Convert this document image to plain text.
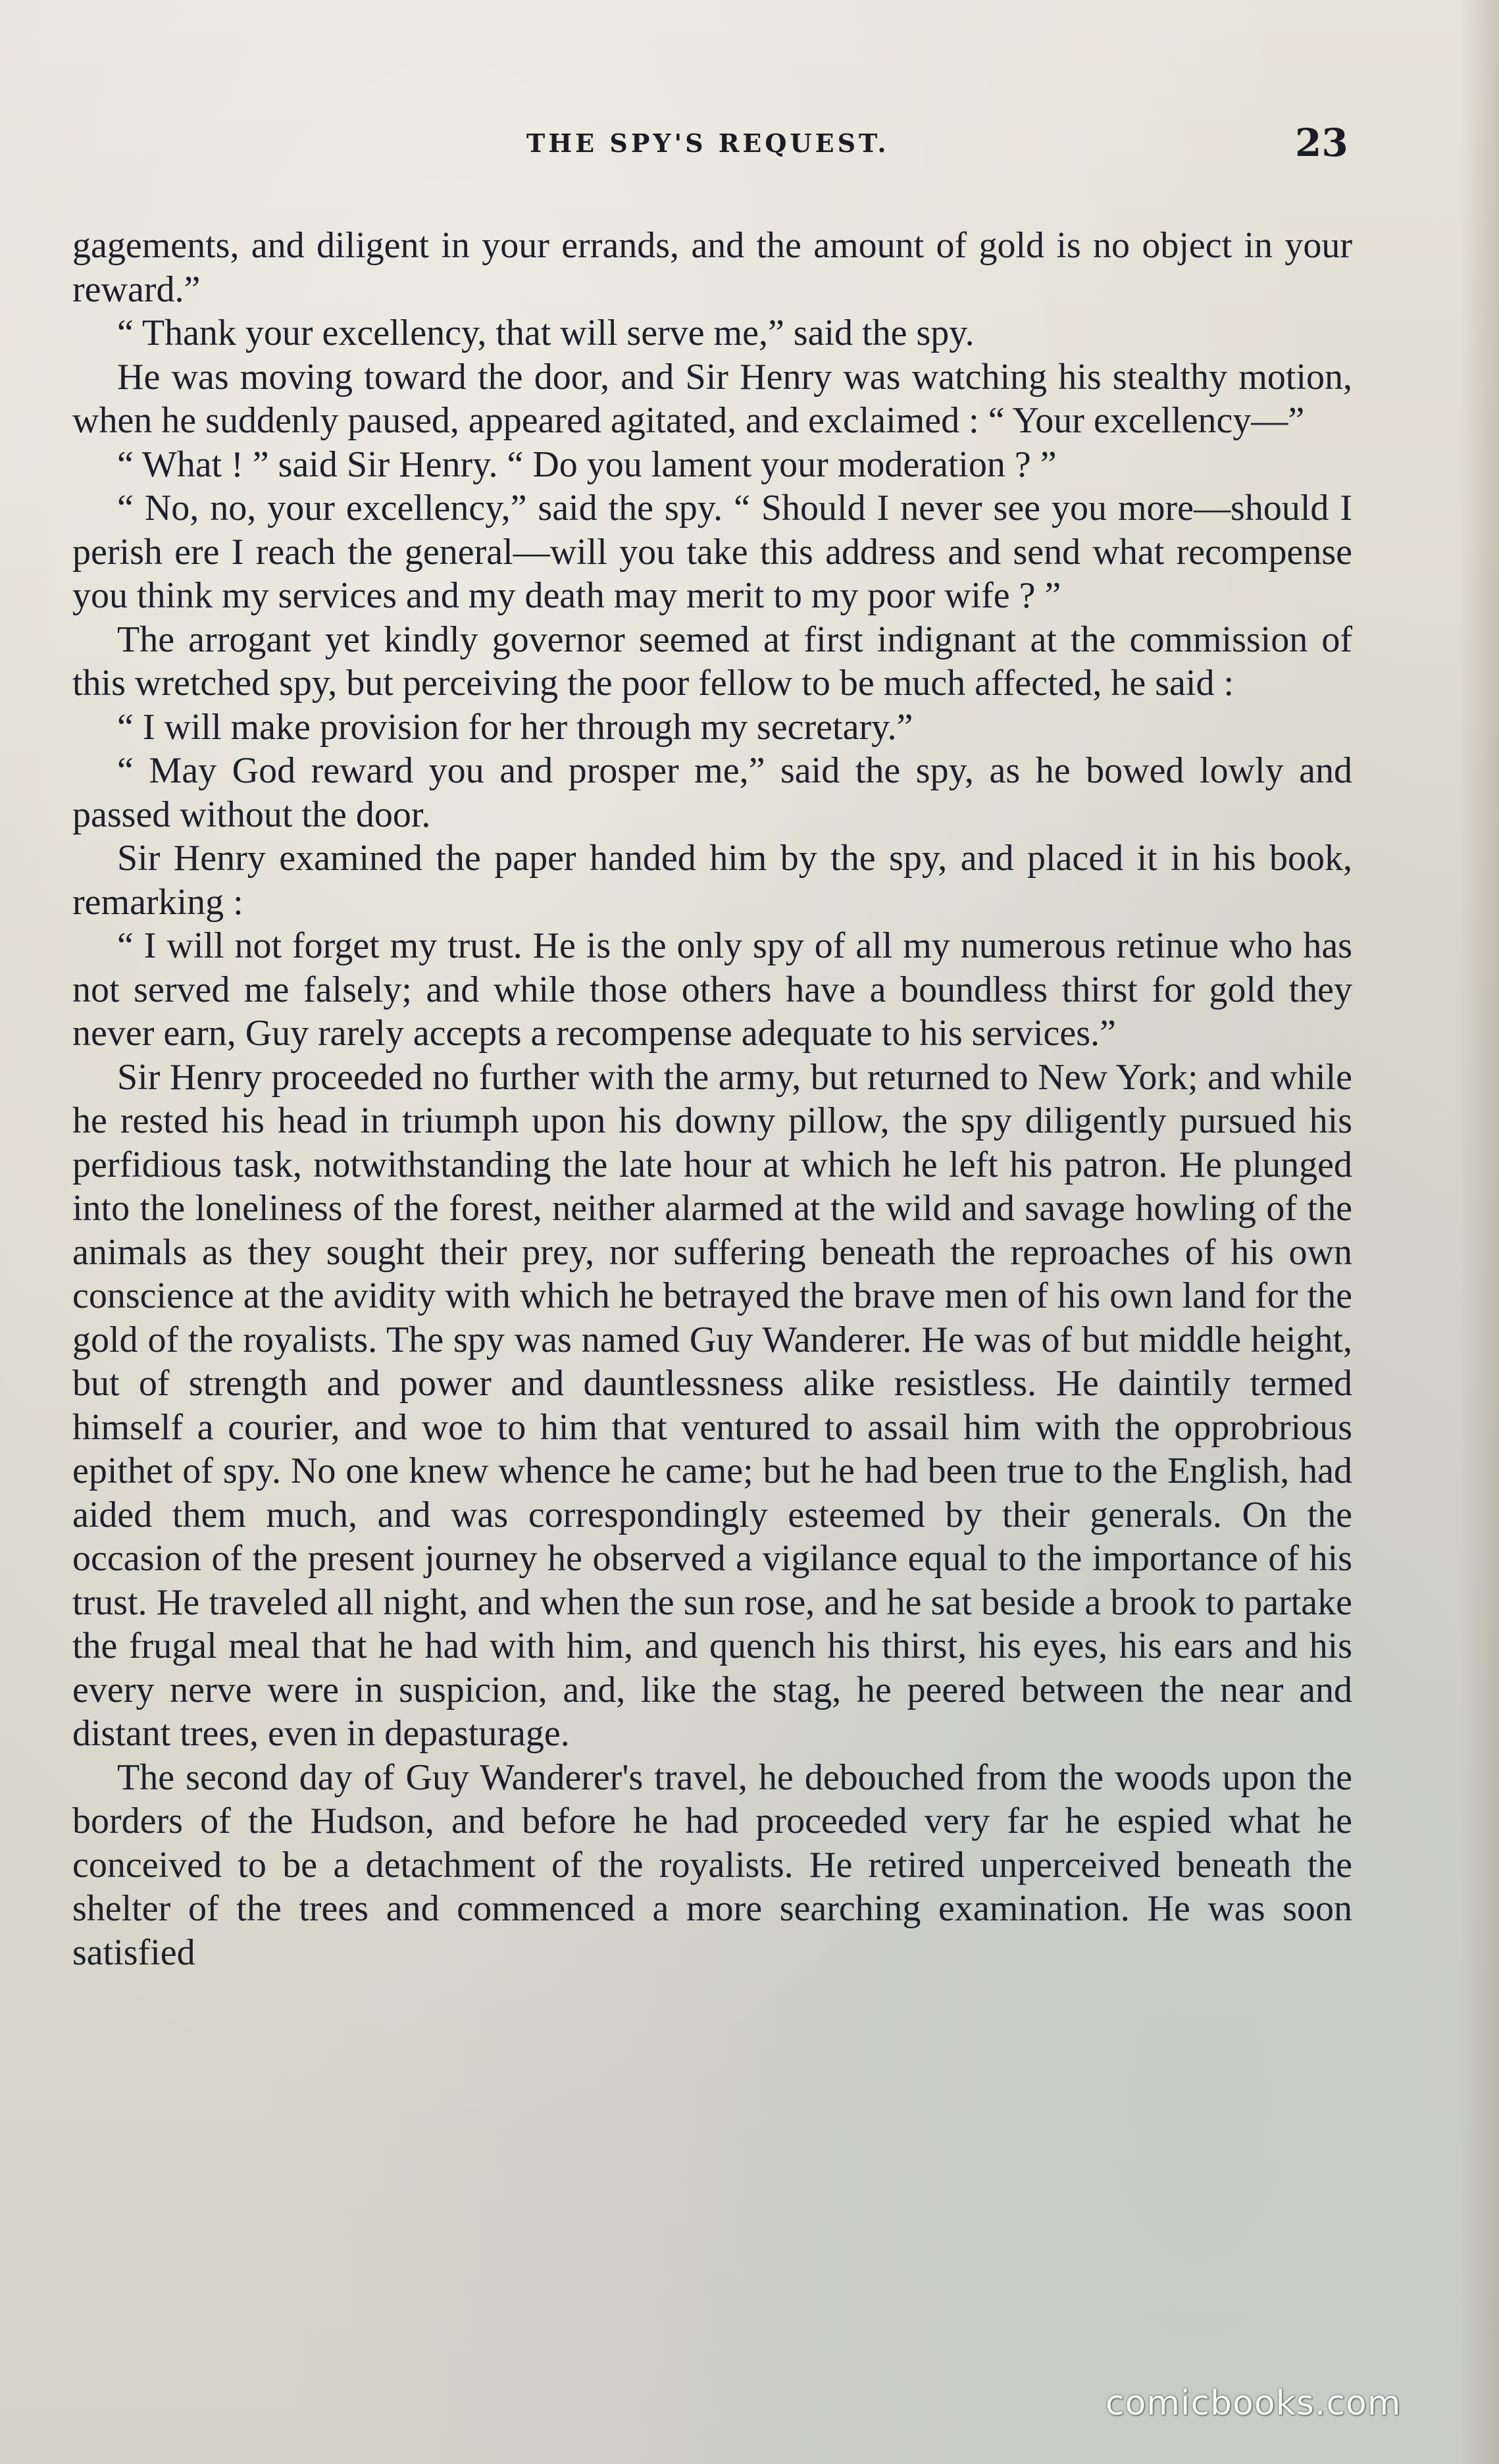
THE SPY'S REQUEST.	23

gagements, and diligent in your errands, and the amount of gold is no object in your reward.”

“ Thank your excellency, that will serve me,” said the spy.

He was moving toward the door, and Sir Henry was watching his stealthy motion, when he suddenly paused, appeared agitated, and exclaimed : “ Your excellency—”

“ What ! ” said Sir Henry. “ Do you lament your moderation ? ”

“ No, no, your excellency,” said the spy. “ Should I never see you more—should I perish ere I reach the general—will you take this address and send what recompense you think my services and my death may merit to my poor wife ? ”

The arrogant yet kindly governor seemed at first indignant at the commission of this wretched spy, but perceiving the poor fellow to be much affected, he said :

“ I will make provision for her through my secretary.”

“ May God reward you and prosper me,” said the spy, as he bowed lowly and passed without the door.

Sir Henry examined the paper handed him by the spy, and placed it in his book, remarking :

“ I will not forget my trust. He is the only spy of all my numerous retinue who has not served me falsely; and while those others have a boundless thirst for gold they never earn, Guy rarely accepts a recompense adequate to his services.”

Sir Henry proceeded no further with the army, but returned to New York; and while he rested his head in triumph upon his downy pillow, the spy diligently pursued his perfidious task, notwithstanding the late hour at which he left his patron. He plunged into the loneliness of the forest, neither alarmed at the wild and savage howling of the animals as they sought their prey, nor suffering beneath the reproaches of his own conscience at the avidity with which he betrayed the brave men of his own land for the gold of the royalists. The spy was named Guy Wanderer. He was of but middle height, but of strength and power and dauntlessness alike resistless. He daintily termed himself a courier, and woe to him that ventured to assail him with the opprobrious epithet of spy. No one knew whence he came; but he had been true to the English, had aided them much, and was correspondingly esteemed by their generals. On the occasion of the present journey he observed a vigilance equal to the importance of his trust. He traveled all night, and when the sun rose, and he sat beside a brook to partake the frugal meal that he had with him, and quench his thirst, his eyes, his ears and his every nerve were in suspicion, and, like the stag, he peered between the near and distant trees, even in depasturage.

The second day of Guy Wanderer's travel, he debouched from the woods upon the borders of the Hudson, and before he had proceeded very far he espied what he conceived to be a detachment of the royalists. He retired unperceived beneath the shelter of the trees and commenced a more searching examination. He was soon satisfied

comicbooks.com
